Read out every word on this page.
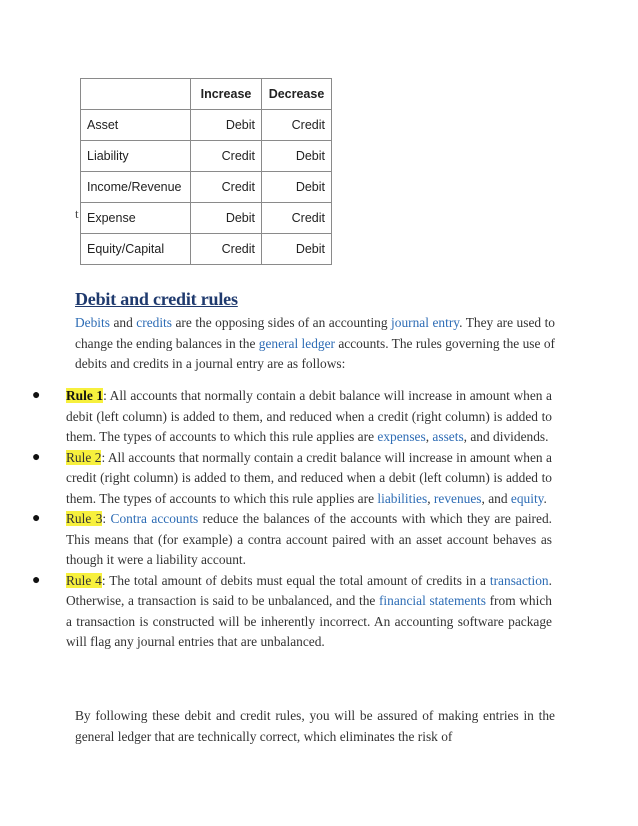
t
	Increase	Decrease
Asset	Debit	Credit
Liability	Credit	Debit
Income/Revenue	Credit	Debit
Expense	Debit	Credit
Equity/Capital	Credit	Debit
Debit and credit rules
Debits and credits are the opposing sides of an accounting journal entry. They are used to change the ending balances in the general ledger accounts. The rules governing the use of debits and credits in a journal entry are as follows:
● Rule 1: All accounts that normally contain a debit balance will increase in amount when a debit (left column) is added to them, and reduced when a credit (right column) is added to them. The types of accounts to which this rule applies are expenses, assets, and dividends.
● Rule 2: All accounts that normally contain a credit balance will increase in amount when a credit (right column) is added to them, and reduced when a debit (left column) is added to them. The types of accounts to which this rule applies are liabilities, revenues, and equity.
● Rule 3: Contra accounts reduce the balances of the accounts with which they are paired. This means that (for example) a contra account paired with an asset account behaves as though it were a liability account.
● Rule 4: The total amount of debits must equal the total amount of credits in a transaction. Otherwise, a transaction is said to be unbalanced, and the financial statements from which a transaction is constructed will be inherently incorrect. An accounting software package will flag any journal entries that are unbalanced.
By following these debit and credit rules, you will be assured of making entries in the general ledger that are technically correct, which eliminates the risk of
